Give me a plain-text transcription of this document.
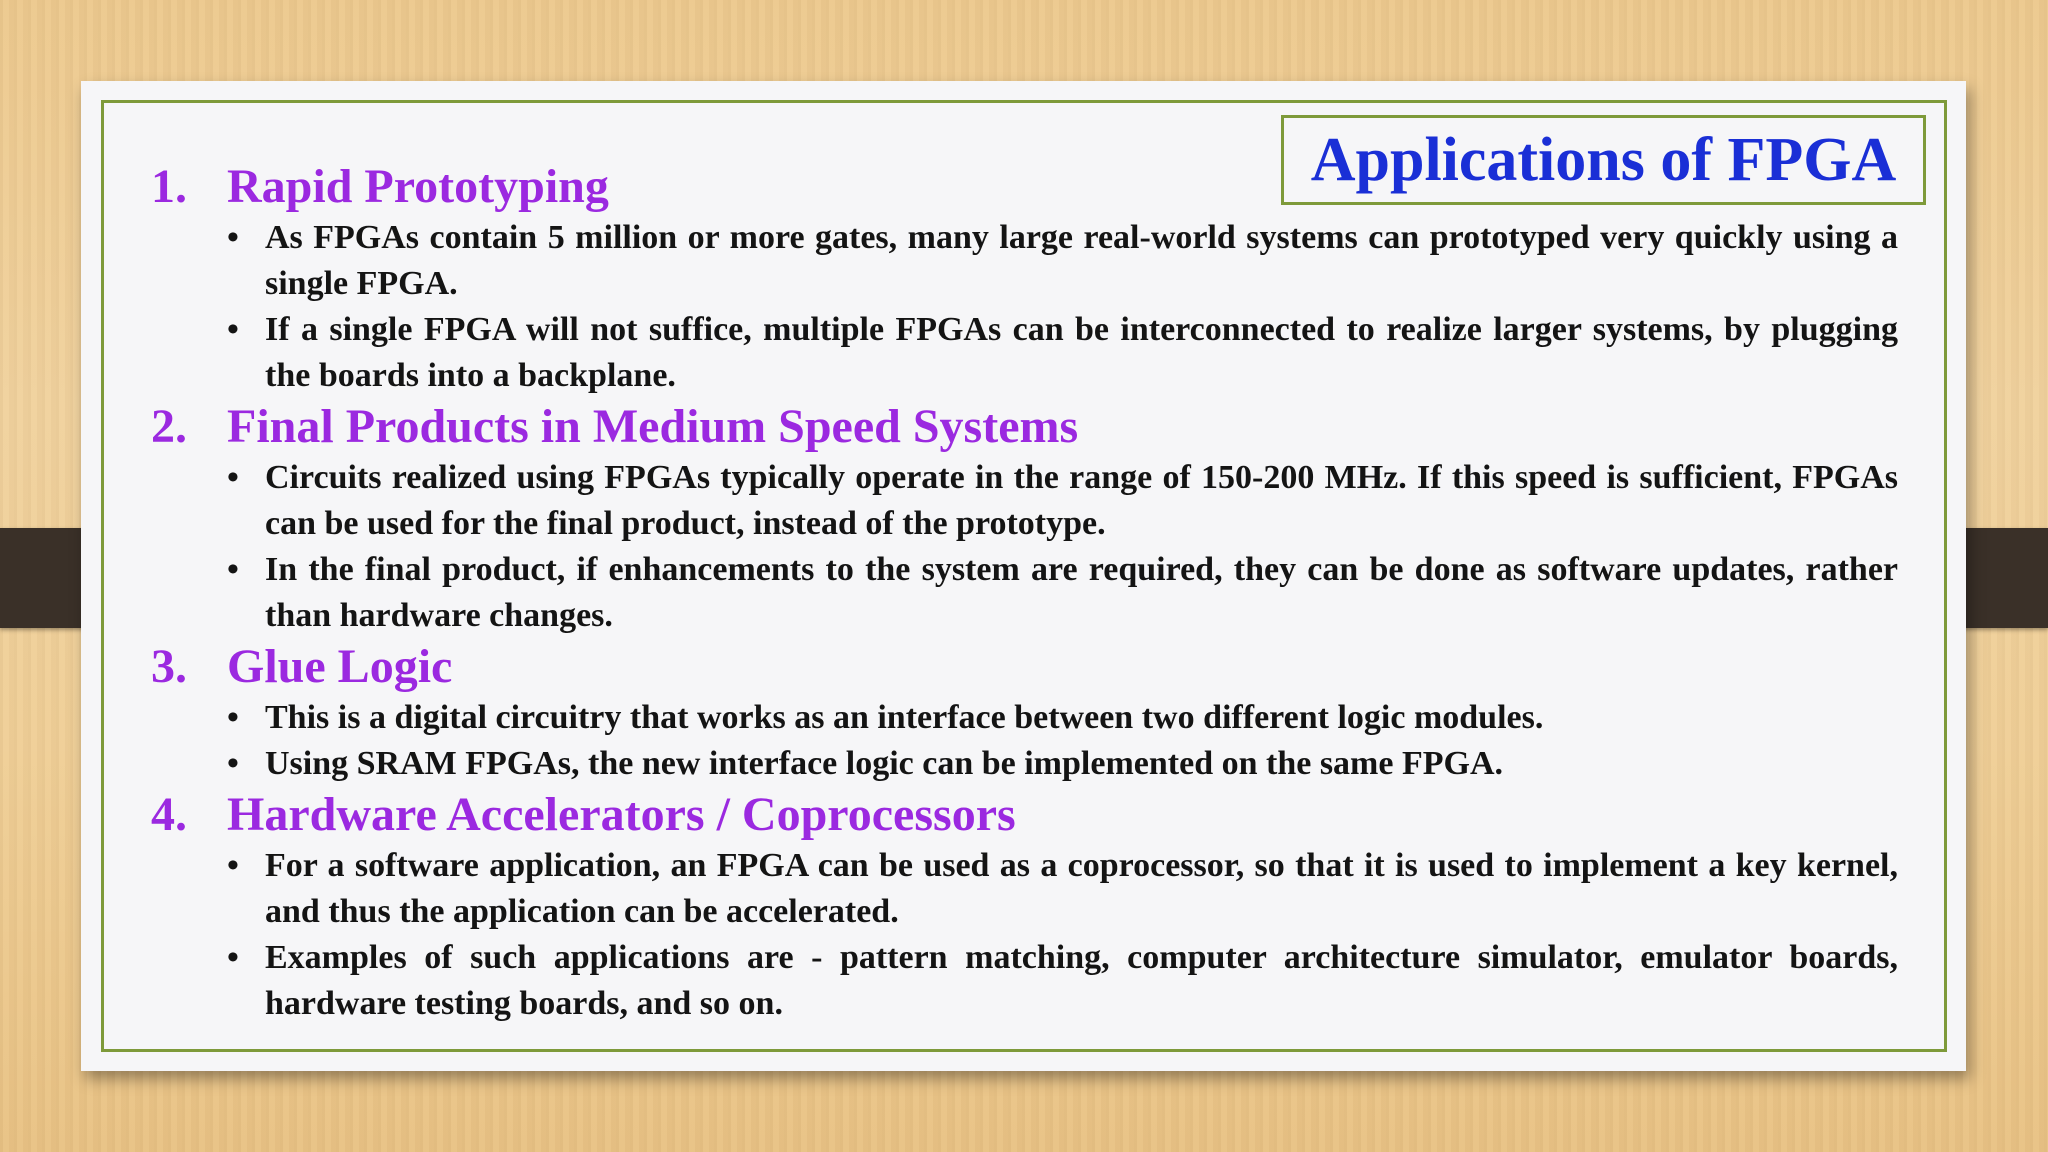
Applications of FPGA
1. Rapid Prototyping
• As FPGAs contain 5 million or more gates, many large real-world systems can prototyped very quickly using a single FPGA.
• If a single FPGA will not suffice, multiple FPGAs can be interconnected to realize larger systems, by plugging the boards into a backplane.
2. Final Products in Medium Speed Systems
• Circuits realized using FPGAs typically operate in the range of 150-200 MHz. If this speed is sufficient, FPGAs can be used for the final product, instead of the prototype.
• In the final product, if enhancements to the system are required, they can be done as software updates, rather than hardware changes.
3. Glue Logic
• This is a digital circuitry that works as an interface between two different logic modules.
• Using SRAM FPGAs, the new interface logic can be implemented on the same FPGA.
4. Hardware Accelerators / Coprocessors
• For a software application, an FPGA can be used as a coprocessor, so that it is used to implement a key kernel, and thus the application can be accelerated.
• Examples of such applications are - pattern matching, computer architecture simulator, emulator boards, hardware testing boards, and so on.
